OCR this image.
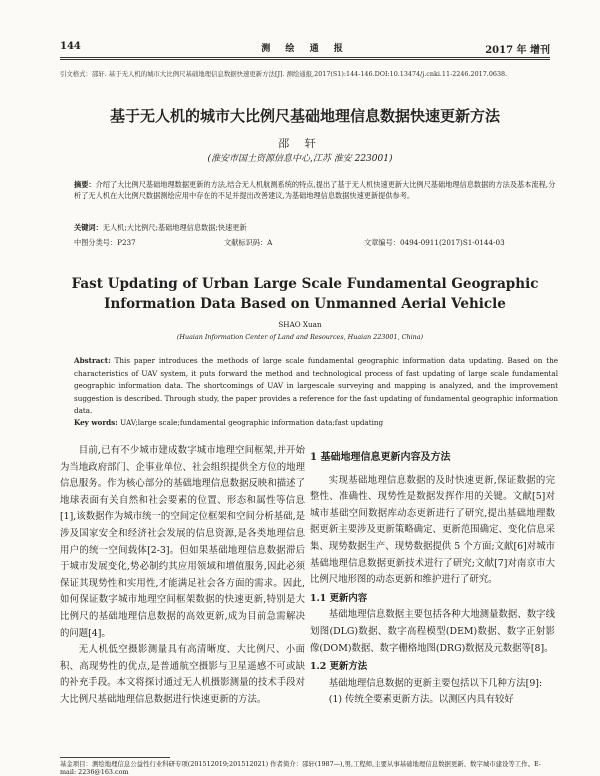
144	测 绘 通 报	2017 年 增刊
引文格式：邵轩. 基于无人机的城市大比例尺基础地理信息数据快速更新方法[J]. 测绘通报,2017(S1):144-146.DOI:10.13474/j.cnki.11-2246.2017.0638.
基于无人机的城市大比例尺基础地理信息数据快速更新方法
邵 轩
(淮安市国土资源信息中心,江苏 淮安 223001)
摘要：介绍了大比例尺基础地理数据更新的方法,结合无人机航测系统的特点,提出了基于无人机快速更新大比例尺基础地理信息数据的方法及基本流程,分析了无人机在大比例尺数据测绘应用中存在的不足并提出改善建议,为基础地理信息数据快速更新提供参考。
关键词：无人机;大比例尺;基础地理信息数据;快速更新
中图分类号：P237	文献标识码：A	文章编号：0494-0911(2017)S1-0144-03
Fast Updating of Urban Large Scale Fundamental Geographic Information Data Based on Unmanned Aerial Vehicle
SHAO Xuan
(Huaian Information Center of Land and Resources, Huaian 223001, China)
Abstract: This paper introduces the methods of large scale fundamental geographic information data updating. Based on the characteristics of UAV system, it puts forward the method and technological process of fast updating of large scale fundamental geographic information data. The shortcomings of UAV in largescale surveying and mapping is analyzed, and the improvement suggestion is described. Through study, the paper provides a reference for the fast updating of fundamental geographic information data.
Key words: UAV;large scale;fundamental geographic information data;fast updating

目前,已有不少城市建成数字城市地理空间框架,并开始为当地政府部门、企事业单位、社会组织提供全方位的地理信息服务。作为核心部分的基础地理信息数据反映和描述了地球表面有关自然和社会要素的位置、形态和属性等信息[1],该数据作为城市统一的空间定位框架和空间分析基础,是涉及国家安全和经济社会发展的信息资源,是各类地理信息用户的统一空间载体[2-3]。但如果基础地理信息数据滞后于城市发展变化,势必制约其应用领域和增值服务,因此必须保证其现势性和实用性,才能满足社会各方面的需求。因此,如何保证数字城市地理空间框架数据的快速更新,特别是大比例尺的基础地理信息数据的高效更新,成为目前急需解决的问题[4]。

无人机低空摄影测量具有高清晰度、大比例尺、小面积、高现势性的优点,是普通航空摄影与卫星遥感不可或缺的补充手段。本文将探讨通过无人机摄影测量的技术手段对大比例尺基础地理信息数据进行快速更新的方法。

1 基础地理信息更新内容及方法

实现基础地理信息数据的及时快速更新,保证数据的完整性、准确性、现势性是数据发挥作用的关键。文献[5]对城市基础空间数据库动态更新进行了研究,提出基础地理数据更新主要涉及更新策略确定、更新范围确定、变化信息采集、现势数据生产、现势数据提供 5 个方面;文献[6]对城市基础地理信息数据更新技术进行了研究;文献[7]对南京市大比例尺地形图的动态更新和维护进行了研究。

1.1 更新内容

基础地理信息数据主要包括各种大地测量数据、数字线划图(DLG)数据、数字高程模型(DEM)数据、数字正射影像(DOM)数据、数字栅格地图(DRG)数据及元数据等[8]。

1.2 更新方法

基础地理信息数据的更新主要包括以下几种方法[9]:

(1) 传统全要素更新方法。以测区内具有较好

基金项目：测绘地理信息公益性行业科研专项(201512019;201512021) 作者简介：邵轩(1987—),男,工程师,主要从事基础地理信息数据更新、数字城市建设等工作。E-mail: 2236@163.com
